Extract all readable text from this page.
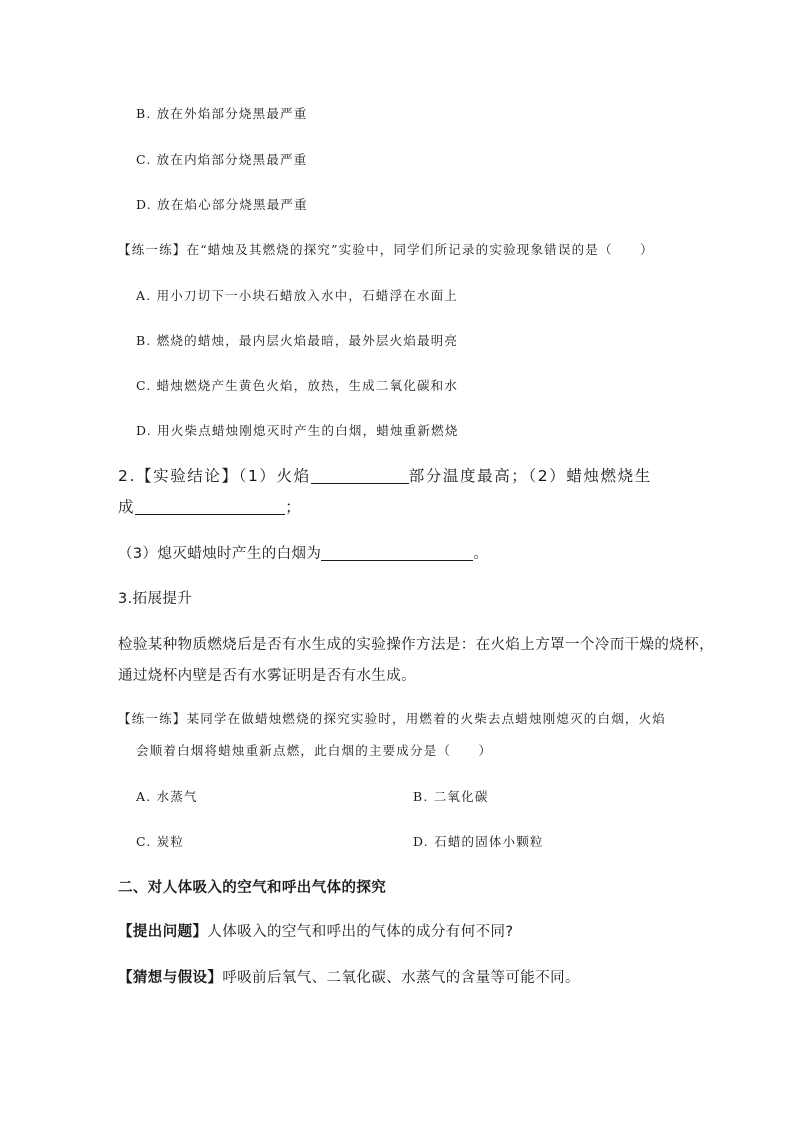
B. 放在外焰部分烧黑最严重
C. 放在内焰部分烧黑最严重
D. 放在焰心部分烧黑最严重
【练一练】在“蜡烛及其燃烧的探究”实验中，同学们所记录的实验现象错误的是（　　）
A. 用小刀切下一小块石蜡放入水中，石蜡浮在水面上
B. 燃烧的蜡烛，最内层火焰最暗，最外层火焰最明亮
C. 蜡烛燃烧产生黄色火焰，放热，生成二氧化碳和水
D. 用火柴点蜡烛刚熄灭时产生的白烟，蜡烛重新燃烧
2.【实验结论】（1）火焰	部分温度最高；（2）蜡烛燃烧生
成	；
（3）熄灭蜡烛时产生的白烟为	。
3.拓展提升
检验某种物质燃烧后是否有水生成的实验操作方法是：在火焰上方罩一个冷而干燥的烧杯，
通过烧杯内壁是否有水雾证明是否有水生成。
【练一练】某同学在做蜡烛燃烧的探究实验时，用燃着的火柴去点蜡烛刚熄灭的白烟，火焰
会顺着白烟将蜡烛重新点燃，此白烟的主要成分是（　　）
A. 水蒸气	B. 二氧化碳
C. 炭粒	D. 石蜡的固体小颗粒
二、对人体吸入的空气和呼出气体的探究
【提出问题】人体吸入的空气和呼出的气体的成分有何不同?
【猜想与假设】呼吸前后氧气、二氧化碳、水蒸气的含量等可能不同。
